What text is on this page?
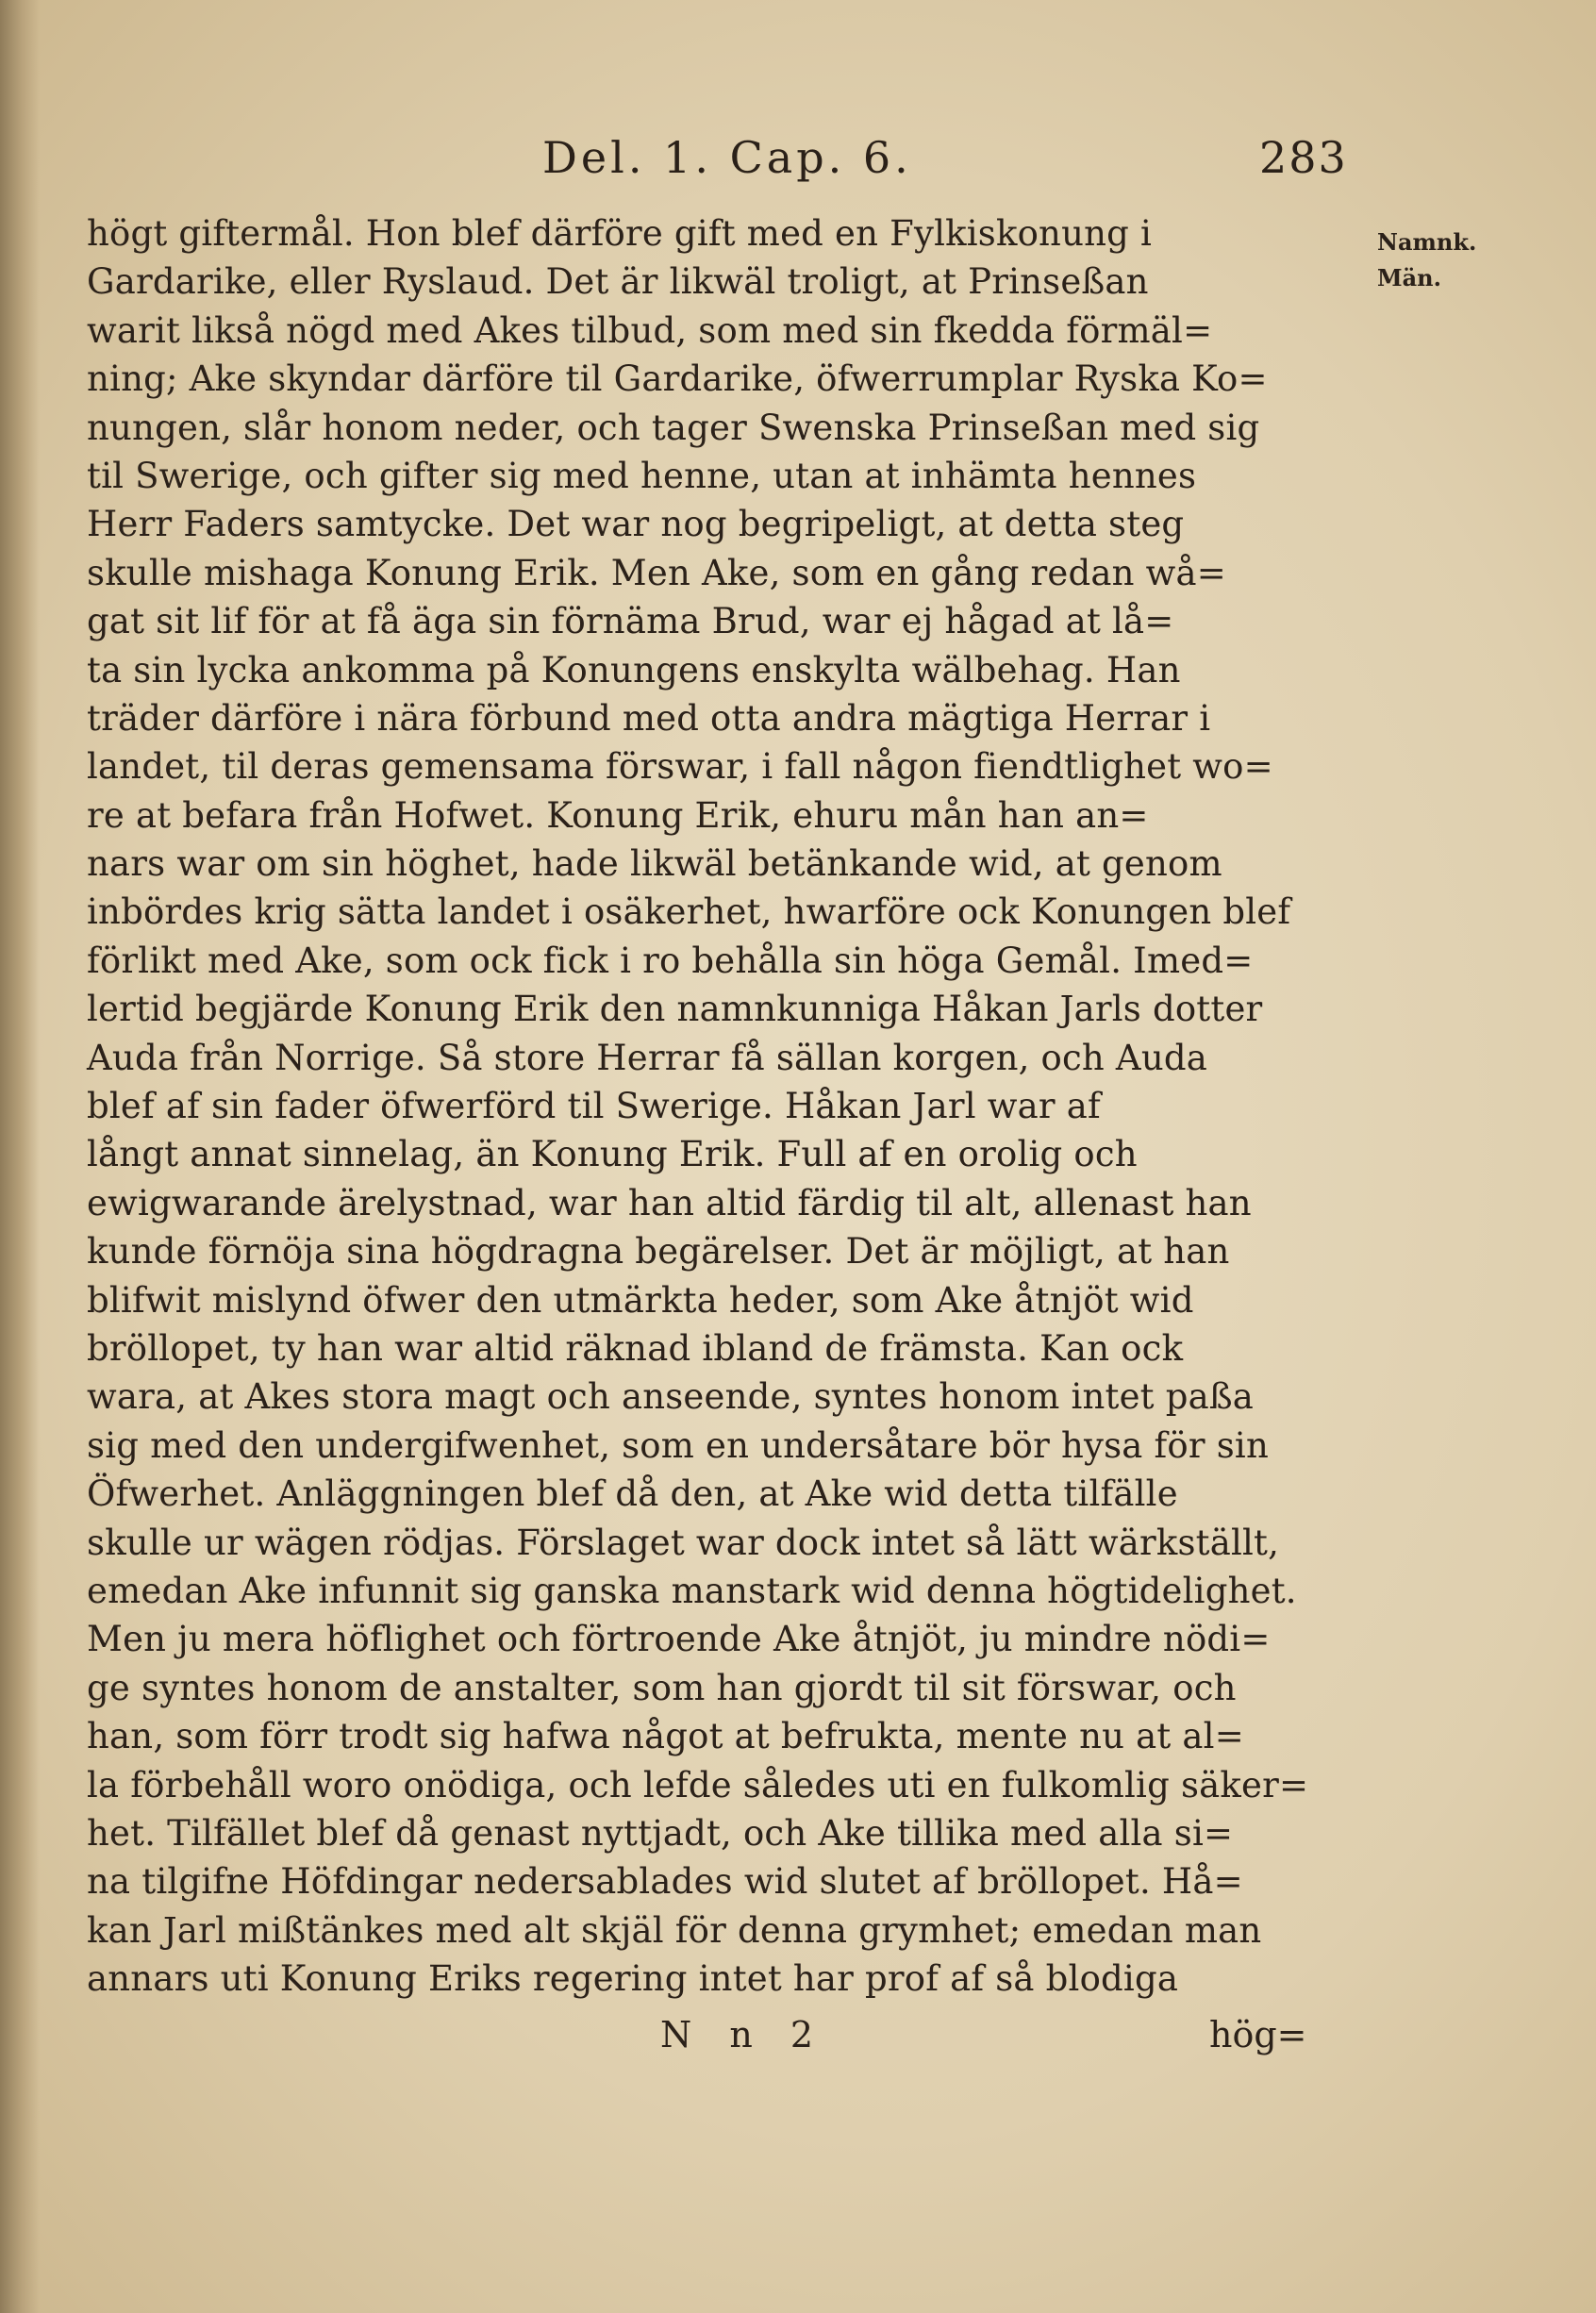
Del. 1. Cap. 6.	283
högt giftermål. Hon blef därföre gift med en Fylkiskonung i
Gardarike, eller Ryslaud. Det är likwäl troligt, at Prinseßan
warit likså nögd med Akes tilbud, som med sin fkedda förmäl=
ning; Ake skyndar därföre til Gardarike, öfwerrumplar Ryska Ko=
nungen, slår honom neder, och tager Swenska Prinseßan med sig
til Swerige, och gifter sig med henne, utan at inhämta hennes
Herr Faders samtycke. Det war nog begripeligt, at detta steg
skulle mishaga Konung Erik. Men Ake, som en gång redan wå=
gat sit lif för at få äga sin förnäma Brud, war ej hågad at lå=
ta sin lycka ankomma på Konungens enskylta wälbehag. Han
träder därföre i nära förbund med otta andra mägtiga Herrar i
landet, til deras gemensama förswar, i fall någon fiendtlighet wo=
re at befara från Hofwet. Konung Erik, ehuru mån han an=
nars war om sin höghet, hade likwäl betänkande wid, at genom
inbördes krig sätta landet i osäkerhet, hwarföre ock Konungen blef
förlikt med Ake, som ock fick i ro behålla sin höga Gemål. Imed=
lertid begjärde Konung Erik den namnkunniga Håkan Jarls dotter
Auda från Norrige. Så store Herrar få sällan korgen, och Auda
blef af sin fader öfwerförd til Swerige. Håkan Jarl war af
långt annat sinnelag, än Konung Erik. Full af en orolig och
ewigwarande ärelystnad, war han altid färdig til alt, allenast han
kunde förnöja sina högdragna begärelser. Det är möjligt, at han
blifwit mislynd öfwer den utmärkta heder, som Ake åtnjöt wid
bröllopet, ty han war altid räknad ibland de främsta. Kan ock
wara, at Akes stora magt och anseende, syntes honom intet paßa
sig med den undergifwenhet, som en undersåtare bör hysa för sin
Öfwerhet. Anläggningen blef då den, at Ake wid detta tilfälle
skulle ur wägen rödjas. Förslaget war dock intet så lätt wärkställt,
emedan Ake infunnit sig ganska manstark wid denna högtidelighet.
Men ju mera höflighet och förtroende Ake åtnjöt, ju mindre nödi=
ge syntes honom de anstalter, som han gjordt til sit förswar, och
han, som förr trodt sig hafwa något at befrukta, mente nu at al=
la förbehåll woro onödiga, och lefde således uti en fulkomlig säker=
het. Tilfället blef då genast nyttjadt, och Ake tillika med alla si=
na tilgifne Höfdingar nedersablades wid slutet af bröllopet. Hå=
kan Jarl mißtänkes med alt skjäl för denna grymhet; emedan man
annars uti Konung Eriks regering intet har prof af så blodiga
Namnk.
Män.
N n 2	hög=
